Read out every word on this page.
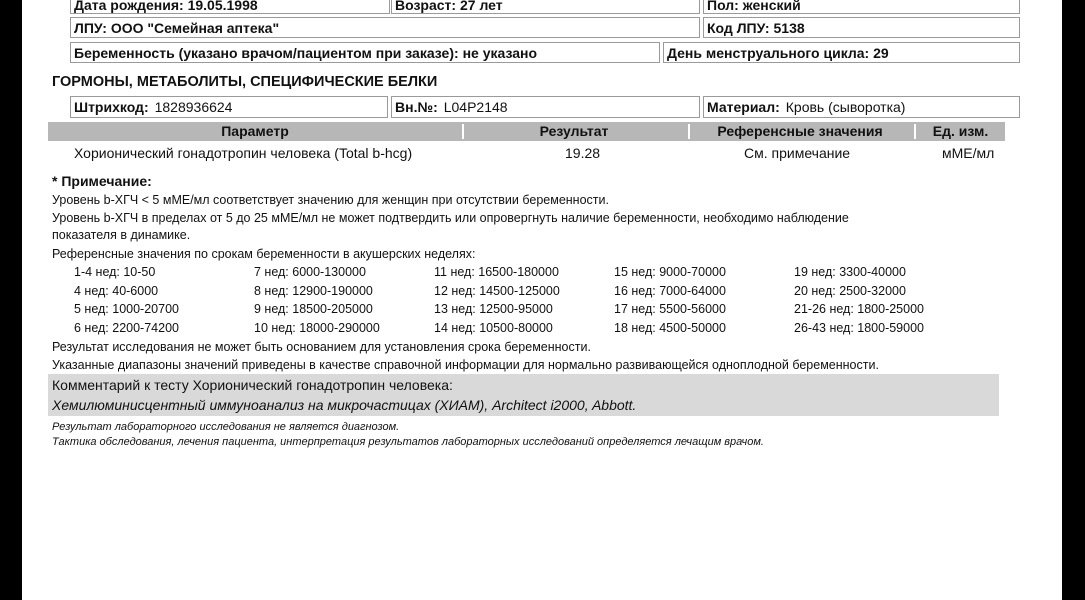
Дата рождения: 19.05.1998	Возраст: 27 лет	Пол: женский
ЛПУ: ООО "Семейная аптека"	Код ЛПУ: 5138
Беременность (указано врачом/пациентом при заказе): не указано	День менструального цикла: 29
ГОРМОНЫ, МЕТАБОЛИТЫ, СПЕЦИФИЧЕСКИЕ БЕЛКИ
Штрихкод: 1828936624	Вн.№: L04P2148	Материал: Кровь (сыворотка)
Параметр	Результат	Референсные значения	Ед. изм.
Хорионический гонадотропин человека (Total b-hcg)	19.28	См. примечание	мМЕ/мл
* Примечание:
Уровень b-ХГЧ < 5 мМЕ/мл соответствует значению для женщин при отсутствии беременности.
Уровень b-ХГЧ в пределах от 5 до 25 мМЕ/мл не может подтвердить или опровергнуть наличие беременности, необходимо наблюдение
показателя в динамике.
Референсные значения по срокам беременности в акушерских неделях:
1-4 нед: 10-50	7 нед: 6000-130000	11 нед: 16500-180000	15 нед: 9000-70000	19 нед: 3300-40000
4 нед: 40-6000	8 нед: 12900-190000	12 нед: 14500-125000	16 нед: 7000-64000	20 нед: 2500-32000
5 нед: 1000-20700	9 нед: 18500-205000	13 нед: 12500-95000	17 нед: 5500-56000	21-26 нед: 1800-25000
6 нед: 2200-74200	10 нед: 18000-290000	14 нед: 10500-80000	18 нед: 4500-50000	26-43 нед: 1800-59000
Результат исследования не может быть основанием для установления срока беременности.
Указанные диапазоны значений приведены в качестве справочной информации для нормально развивающейся одноплодной беременности.
Комментарий к тесту Хорионический гонадотропин человека:
Хемилюминисцентный иммуноанализ на микрочастицах (ХИАМ), Architect i2000, Abbott.
Результат лабораторного исследования не является диагнозом.
Тактика обследования, лечения пациента, интерпретация результатов лабораторных исследований определяется лечащим врачом.
